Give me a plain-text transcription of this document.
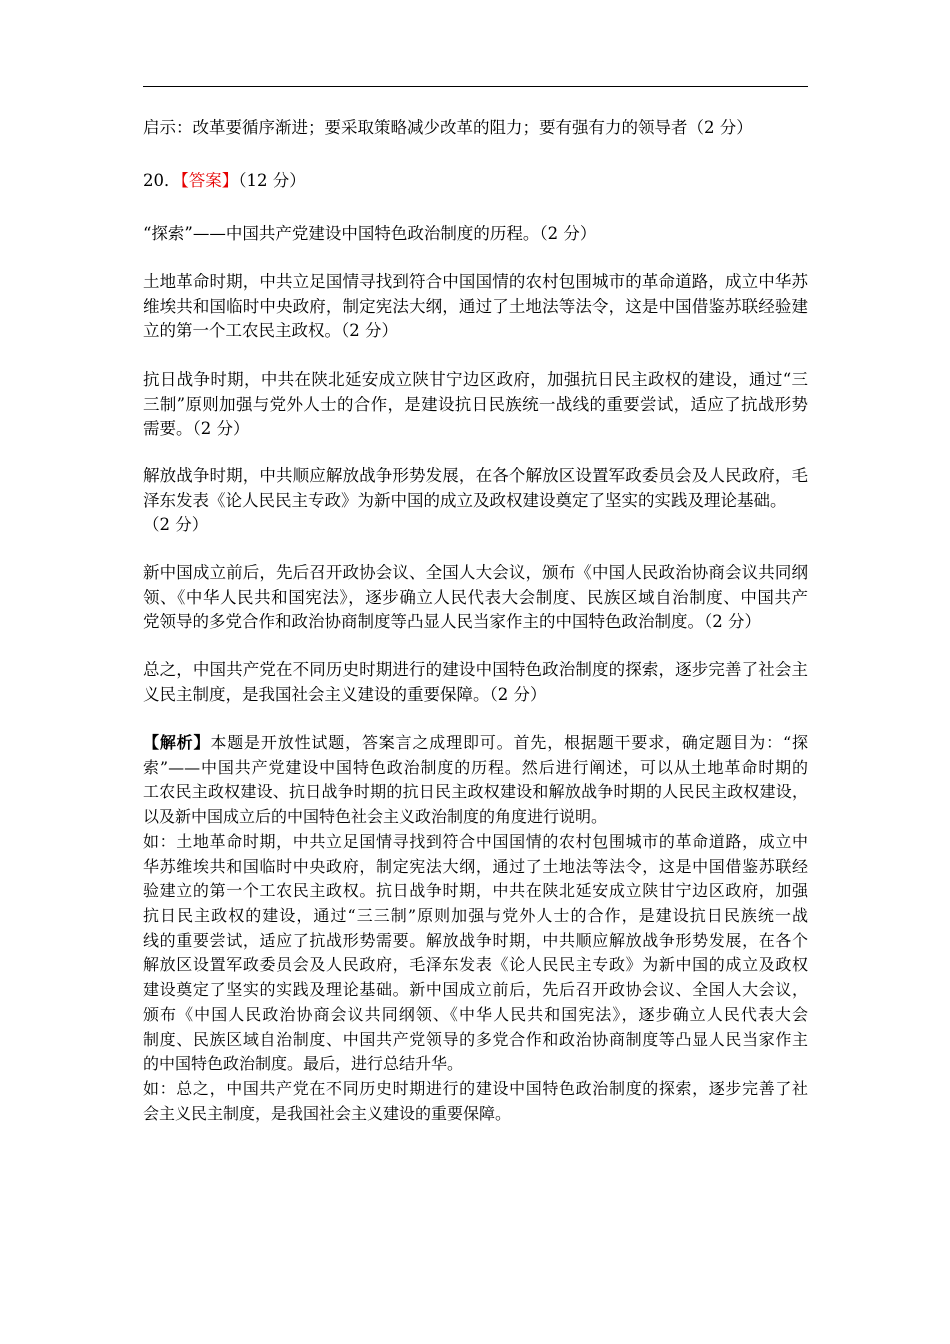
启示：改革要循序渐进；要采取策略减少改革的阻力；要有强有力的领导者（2 分）
20．【答案】（12 分）
“探索”——中国共产党建设中国特色政治制度的历程。（2 分）
土地革命时期，中共立足国情寻找到符合中国国情的农村包围城市的革命道路，成立中华苏
维埃共和国临时中央政府，制定宪法大纲，通过了土地法等法令，这是中国借鉴苏联经验建
立的第一个工农民主政权。（2 分）
抗日战争时期，中共在陕北延安成立陕甘宁边区政府，加强抗日民主政权的建设，通过“三
三制”原则加强与党外人士的合作，是建设抗日民族统一战线的重要尝试，适应了抗战形势
需要。（2 分）
解放战争时期，中共顺应解放战争形势发展，在各个解放区设置军政委员会及人民政府，毛
泽东发表《论人民民主专政》为新中国的成立及政权建设奠定了坚实的实践及理论基础。
（2 分）
新中国成立前后，先后召开政协会议、全国人大会议，颁布《中国人民政治协商会议共同纲
领、《中华人民共和国宪法》，逐步确立人民代表大会制度、民族区域自治制度、中国共产
党领导的多党合作和政治协商制度等凸显人民当家作主的中国特色政治制度。（2 分）
总之，中国共产党在不同历史时期进行的建设中国特色政治制度的探索，逐步完善了社会主
义民主制度，是我国社会主义建设的重要保障。（2 分）
【解析】本题是开放性试题，答案言之成理即可。首先，根据题干要求，确定题目为：“探
索”——中国共产党建设中国特色政治制度的历程。然后进行阐述，可以从土地革命时期的
工农民主政权建设、抗日战争时期的抗日民主政权建设和解放战争时期的人民民主政权建设，
以及新中国成立后的中国特色社会主义政治制度的角度进行说明。
如：土地革命时期，中共立足国情寻找到符合中国国情的农村包围城市的革命道路，成立中
华苏维埃共和国临时中央政府，制定宪法大纲，通过了土地法等法令，这是中国借鉴苏联经
验建立的第一个工农民主政权。抗日战争时期，中共在陕北延安成立陕甘宁边区政府，加强
抗日民主政权的建设，通过“三三制”原则加强与党外人士的合作，是建设抗日民族统一战
线的重要尝试，适应了抗战形势需要。解放战争时期，中共顺应解放战争形势发展，在各个
解放区设置军政委员会及人民政府，毛泽东发表《论人民民主专政》为新中国的成立及政权
建设奠定了坚实的实践及理论基础。新中国成立前后，先后召开政协会议、全国人大会议，
颁布《中国人民政治协商会议共同纲领、《中华人民共和国宪法》，逐步确立人民代表大会
制度、民族区域自治制度、中国共产党领导的多党合作和政治协商制度等凸显人民当家作主
的中国特色政治制度。最后，进行总结升华。
如：总之，中国共产党在不同历史时期进行的建设中国特色政治制度的探索，逐步完善了社
会主义民主制度，是我国社会主义建设的重要保障。
